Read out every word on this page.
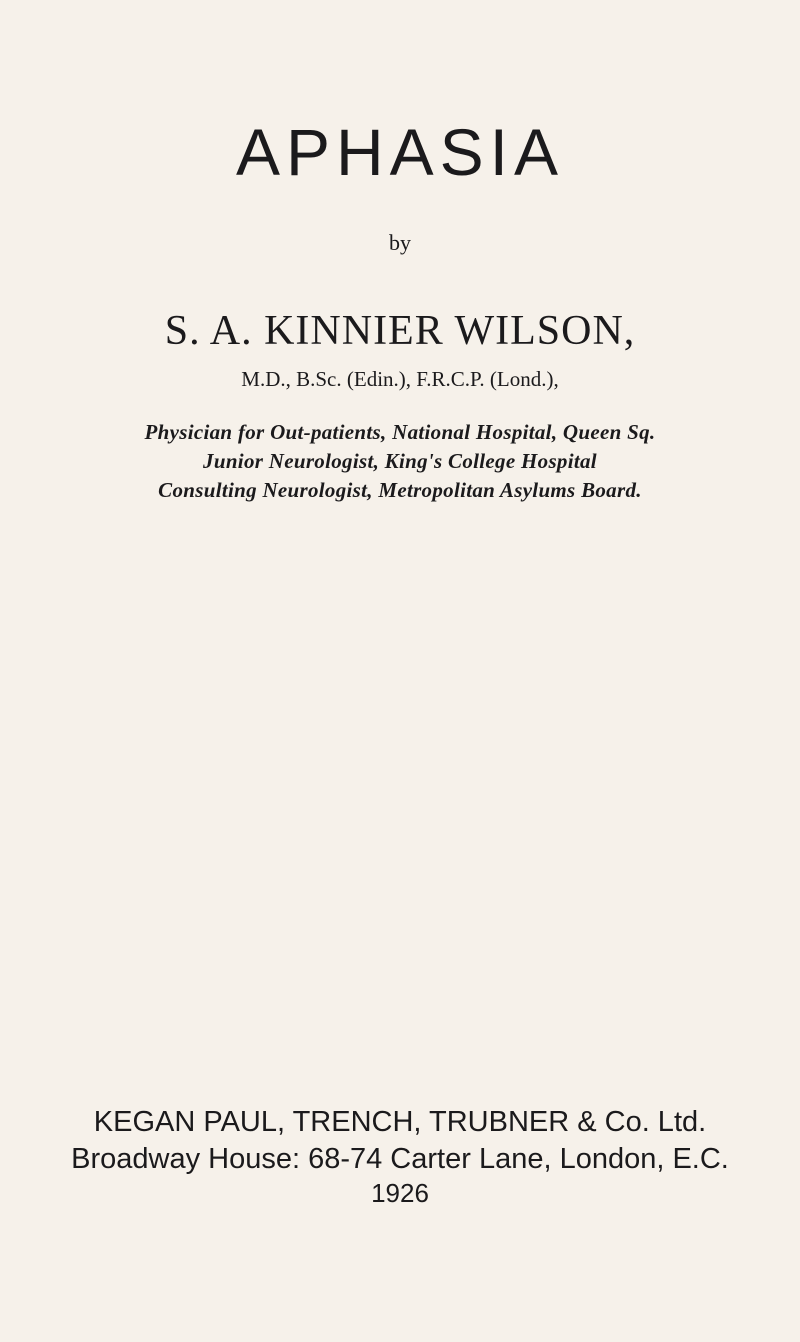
APHASIA
by
S. A. KINNIER WILSON,
M.D., B.Sc. (Edin.), F.R.C.P. (Lond.),
Physician for Out-patients, National Hospital, Queen Sq.
Junior Neurologist, King's College Hospital
Consulting Neurologist, Metropolitan Asylums Board.
KEGAN PAUL, TRENCH, TRUBNER & Co. Ltd.
Broadway House: 68-74 Carter Lane, London, E.C.
1926
